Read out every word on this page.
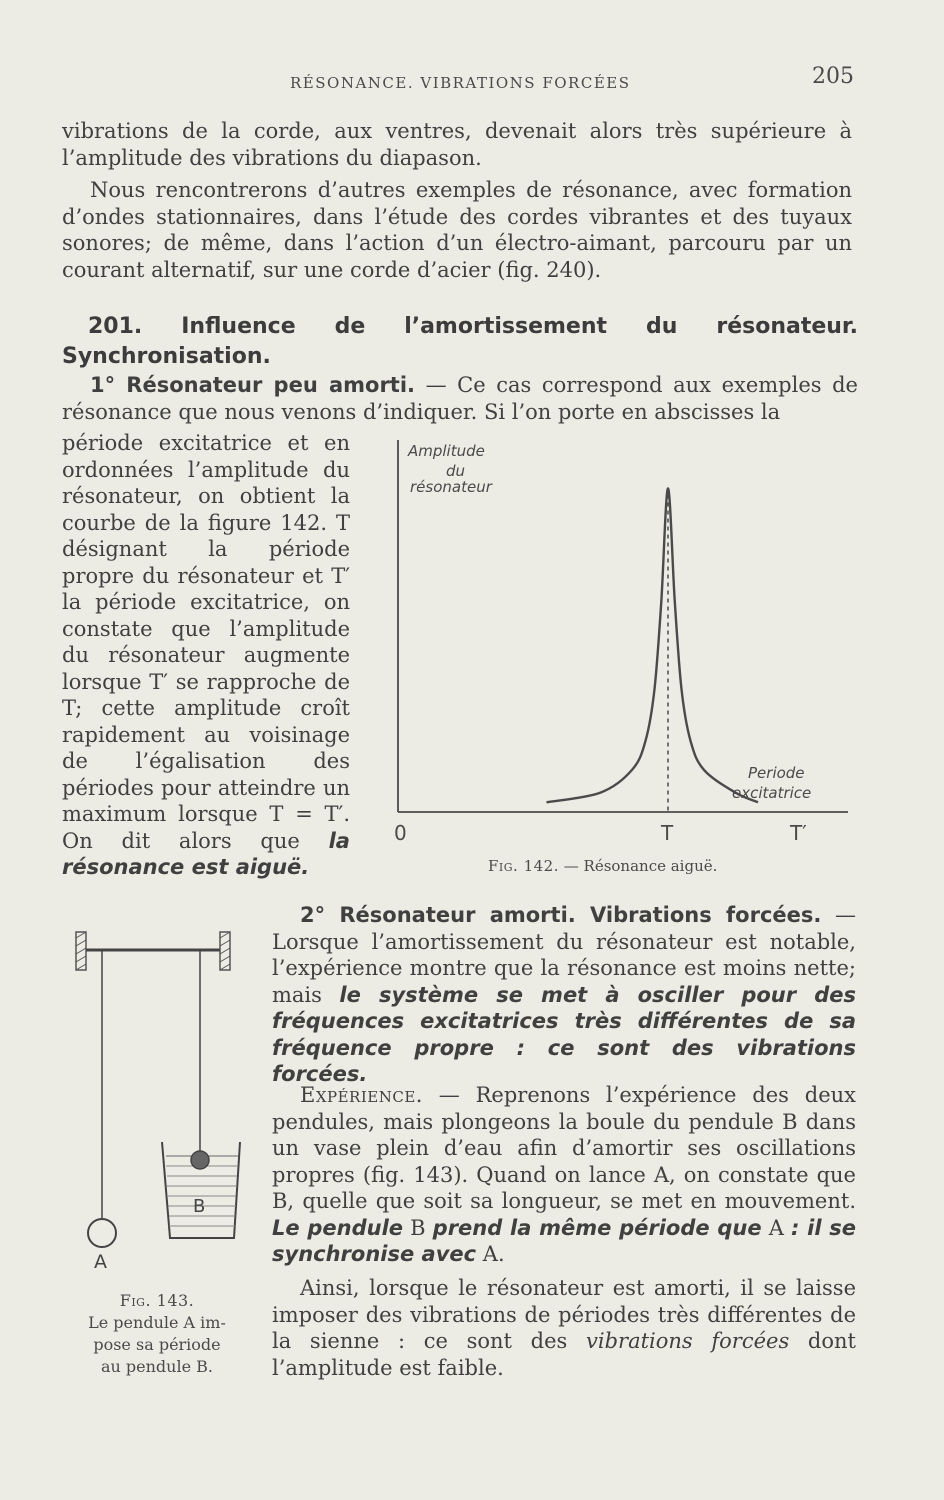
RÉSONANCE. VIBRATIONS FORCÉES	205
vibrations de la corde, aux ventres, devenait alors très supérieure à l’amplitude des vibrations du diapason.
Nous rencontrerons d’autres exemples de résonance, avec formation d’ondes stationnaires, dans l’étude des cordes vibrantes et des tuyaux sonores; de même, dans l’action d’un électro-aimant, parcouru par un courant alternatif, sur une corde d’acier (fig. 240).
201. Influence de l’amortissement du résonateur. Synchronisation.
1° Résonateur peu amorti. — Ce cas correspond aux exemples de résonance que nous venons d’indiquer. Si l’on porte en abscisses la
période excitatrice et en ordonnées l’amplitude du résonateur, on obtient la courbe de la figure 142. T désignant la période propre du résonateur et T′ la période excitatrice, on constate que l’amplitude du résonateur augmente lorsque T′ se rapproche de T; cette amplitude croît rapidement au voisinage de l’égalisation des périodes pour atteindre un maximum lorsque T = T′. On dit alors que la résonance est aiguë.
Amplitude
du
résonateur
Periode
excitatrice
0	T	T′
Fig. 142. — Résonance aiguë.
2° Résonateur amorti. Vibrations forcées. — Lorsque l’amortissement du résonateur est notable, l’expérience montre que la résonance est moins nette; mais le système se met à osciller pour des fréquences excitatrices très différentes de sa fréquence propre : ce sont des vibrations forcées.
Expérience. — Reprenons l’expérience des deux pendules, mais plongeons la boule du pendule B dans un vase plein d’eau afin d’amortir ses oscillations propres (fig. 143). Quand on lance A, on constate que B, quelle que soit sa longueur, se met en mouvement. Le pendule B prend la même période que A : il se synchronise avec A.
Ainsi, lorsque le résonateur est amorti, il se laisse imposer des vibrations de périodes très différentes de la sienne : ce sont des vibrations forcées dont l’amplitude est faible.
A
B
Fig. 143.
Le pendule A im-
pose sa période
au pendule B.
